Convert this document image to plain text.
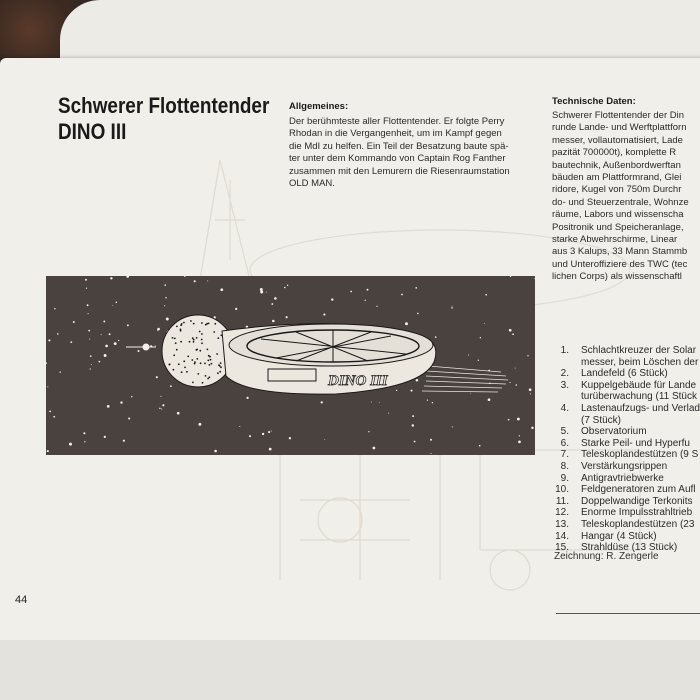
Schwerer Flottentender
DINO III
Allgemeines:
Der berühmteste aller Flottentender. Er folgte Perry
Rhodan in die Vergangenheit, um im Kampf gegen
die MdI zu helfen. Ein Teil der Besatzung baute spä-
ter unter dem Kommando von Captain Rog Fanther
zusammen mit den Lemurern die Riesenraumstation
OLD MAN.
Technische Daten:
Schwerer Flottentender der Din
runde Lande- und Werftplattforn
messer, vollautomatisiert, Lade
pazität 700000t), komplette R
bautechnik, Außenbordwerftan
bäuden am Plattformrand, Glei
ridore, Kugel von 750m Durchr
do- und Steuerzentrale, Wohnze
räume, Labors und wissenscha
Positronik und Speicheranlage,
starke Abwehrschirme, Linear
aus 3 Kalups, 33 Mann Stammb
und Unteroffiziere des TWC (tec
lichen Corps) als wissenschaftl
DINO III
1. Schlachtkreuzer der Solar
messer, beim Löschen der
2. Landefeld (6 Stück)
3. Kuppelgebäude für Lande
turüberwachung (11 Stück
4. Lastenaufzugs- und Verlad
(7 Stück)
5. Observatorium
6. Starke Peil- und Hyperfu
7. Teleskoplandestützen (9 S
8. Verstärkungsrippen
9. Antigravtriebwerke
10. Feldgeneratoren zum Aufl
11. Doppelwandige Terkonits
12. Enorme Impulsstrahltrieb
13. Teleskoplandestützen (23
14. Hangar (4 Stück)
15. Strahldüse (13 Stück)
Zeichnung: R. Zengerle
44
